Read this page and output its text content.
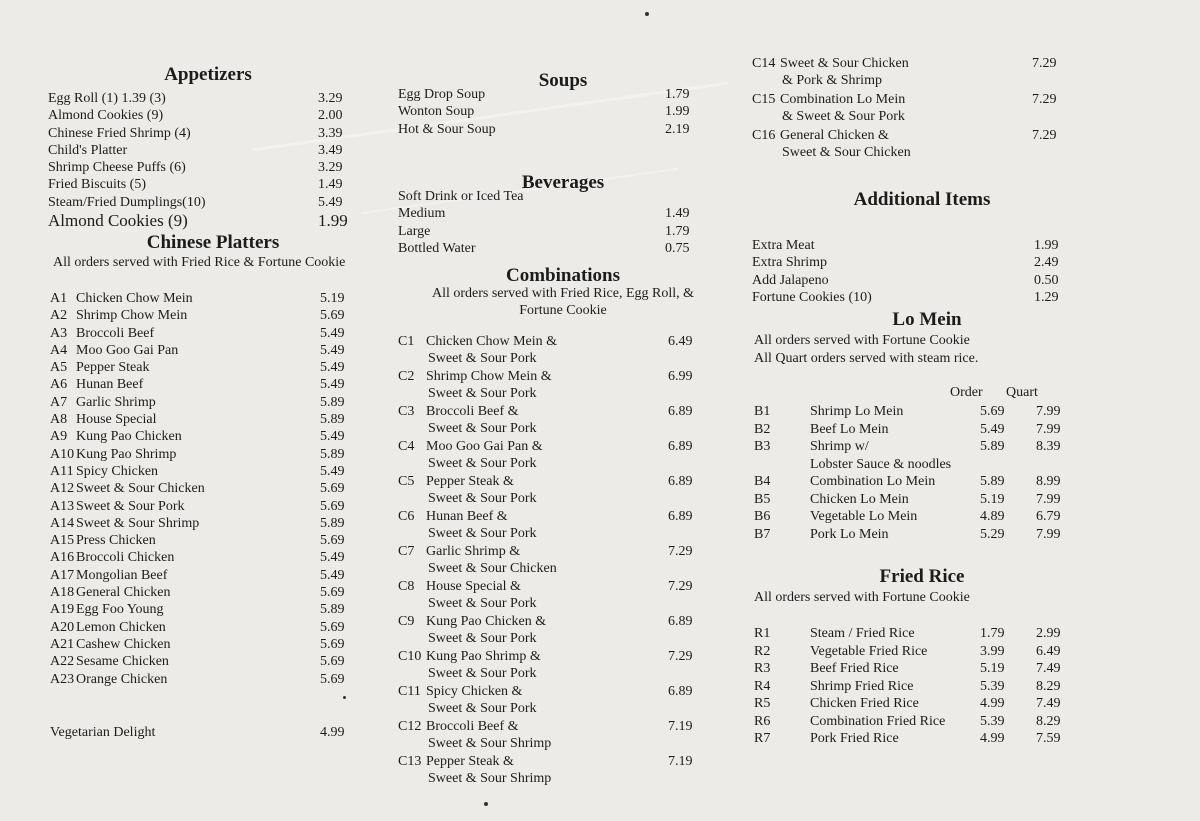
Appetizers
Egg Roll (1) 1.39 (3)	3.29
Almond Cookies (9)	2.00
Chinese Fried Shrimp (4)	3.39
Child's Platter	3.49
Shrimp Cheese Puffs (6)	3.29
Fried Biscuits (5)	1.49
Steam/Fried Dumplings(10)	5.49
Almond Cookies (9)	1.99
Chinese Platters
All orders served with Fried Rice & Fortune Cookie
A1 Chicken Chow Mein	5.19
A2 Shrimp Chow Mein	5.69
A3 Broccoli Beef	5.49
A4 Moo Goo Gai Pan	5.49
A5 Pepper Steak	5.49
A6 Hunan Beef	5.49
A7 Garlic Shrimp	5.89
A8 House Special	5.89
A9 Kung Pao Chicken	5.49
A10 Kung Pao Shrimp	5.89
A11 Spicy Chicken	5.49
A12 Sweet & Sour Chicken	5.69
A13 Sweet & Sour Pork	5.69
A14 Sweet & Sour Shrimp	5.89
A15 Press Chicken	5.69
A16 Broccoli Chicken	5.49
A17 Mongolian Beef	5.49
A18 General Chicken	5.69
A19 Egg Foo Young	5.89
A20 Lemon Chicken	5.69
A21 Cashew Chicken	5.69
A22 Sesame Chicken	5.69
A23 Orange Chicken	5.69
Vegetarian Delight	4.99
Soups
Egg Drop Soup	1.79
Wonton Soup	1.99
Hot & Sour Soup	2.19
Beverages
Soft Drink or Iced Tea
Medium	1.49
Large	1.79
Bottled Water	0.75
Combinations
All orders served with Fried Rice, Egg Roll, & Fortune Cookie
C1 Chicken Chow Mein &	6.49
Sweet & Sour Pork
C2 Shrimp Chow Mein &	6.99
Sweet & Sour Pork
C3 Broccoli Beef &	6.89
Sweet & Sour Pork
C4 Moo Goo Gai Pan &	6.89
Sweet & Sour Pork
C5 Pepper Steak &	6.89
Sweet & Sour Pork
C6 Hunan Beef &	6.89
Sweet & Sour Pork
C7 Garlic Shrimp &	7.29
Sweet & Sour Chicken
C8 House Special &	7.29
Sweet & Sour Pork
C9 Kung Pao Chicken &	6.89
Sweet & Sour Pork
C10 Kung Pao Shrimp &	7.29
Sweet & Sour Pork
C11 Spicy Chicken &	6.89
Sweet & Sour Pork
C12 Broccoli Beef &	7.19
Sweet & Sour Shrimp
C13 Pepper Steak &	7.19
Sweet & Sour Shrimp
C14 Sweet & Sour Chicken	7.29
& Pork & Shrimp
C15 Combination Lo Mein	7.29
& Sweet & Sour Pork
C16 General Chicken &	7.29
Sweet & Sour Chicken
Additional Items
Extra Meat	1.99
Extra Shrimp	2.49
Add Jalapeno	0.50
Fortune Cookies (10)	1.29
Lo Mein
All orders served with Fortune Cookie
All Quart orders served with steam rice.
Order	Quart
B1	Shrimp Lo Mein	5.69	7.99
B2	Beef Lo Mein	5.49	7.99
B3	Shrimp w/	5.89	8.39
Lobster Sauce & noodles
B4	Combination Lo Mein	5.89	8.99
B5	Chicken Lo Mein	5.19	7.99
B6	Vegetable Lo Mein	4.89	6.79
B7	Pork Lo Mein	5.29	7.99
Fried Rice
All orders served with Fortune Cookie
R1	Steam / Fried Rice	1.79	2.99
R2	Vegetable Fried Rice	3.99	6.49
R3	Beef Fried Rice	5.19	7.49
R4	Shrimp Fried Rice	5.39	8.29
R5	Chicken Fried Rice	4.99	7.49
R6	Combination Fried Rice	5.39	8.29
R7	Pork Fried Rice	4.99	7.59
